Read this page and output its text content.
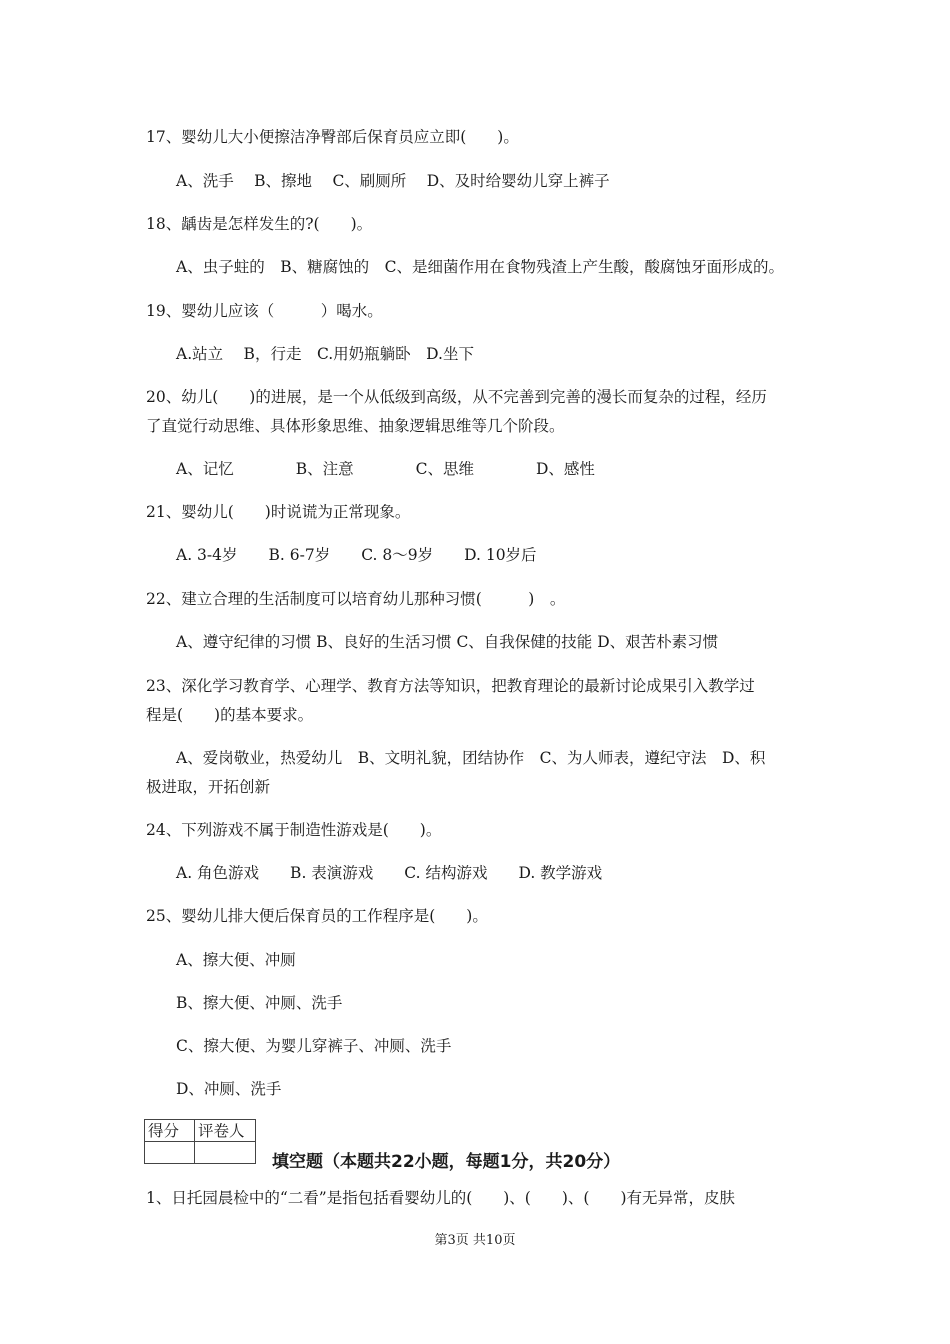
17、婴幼儿大小便擦洁净臀部后保育员应立即(　　)。
A、洗手　 B、擦地　 C、刷厕所　 D、及时给婴幼儿穿上裤子
18、龋齿是怎样发生的?(　　)。
A、虫子蛀的　B、糖腐蚀的　C、是细菌作用在食物残渣上产生酸，酸腐蚀牙面形成的。
19、婴幼儿应该（　　　）喝水。
A.站立　 B，行走　C.用奶瓶躺卧　D.坐下
20、幼儿(　　)的进展，是一个从低级到高级，从不完善到完善的漫长而复杂的过程，经历
了直觉行动思维、具体形象思维、抽象逻辑思维等几个阶段。
A、记忆　　　　B、注意　　　　C、思维　　　　D、感性
21、婴幼儿(　　)时说谎为正常现象。
A. 3-4岁　　B. 6-7岁　　C. 8～9岁　　D. 10岁后
22、建立合理的生活制度可以培育幼儿那种习惯(　　　)　。
A、遵守纪律的习惯 B、良好的生活习惯 C、自我保健的技能 D、艰苦朴素习惯
23、深化学习教育学、心理学、教育方法等知识，把教育理论的最新讨论成果引入教学过
程是(　　)的基本要求。
A、爱岗敬业，热爱幼儿　B、文明礼貌，团结协作　C、为人师表，遵纪守法　D、积
极进取，开拓创新
24、下列游戏不属于制造性游戏是(　　)。
A. 角色游戏　　B. 表演游戏　　C. 结构游戏　　D. 教学游戏
25、婴幼儿排大便后保育员的工作程序是(　　)。
A、擦大便、冲厕
B、擦大便、冲厕、洗手
C、擦大便、为婴儿穿裤子、冲厕、洗手
D、冲厕、洗手
得分	评卷人

填空题（本题共22小题，每题1分，共20分）
1、日托园晨检中的“二看”是指包括看婴幼儿的(　　)、(　　)、(　　)有无异常，皮肤
第3页 共10页
